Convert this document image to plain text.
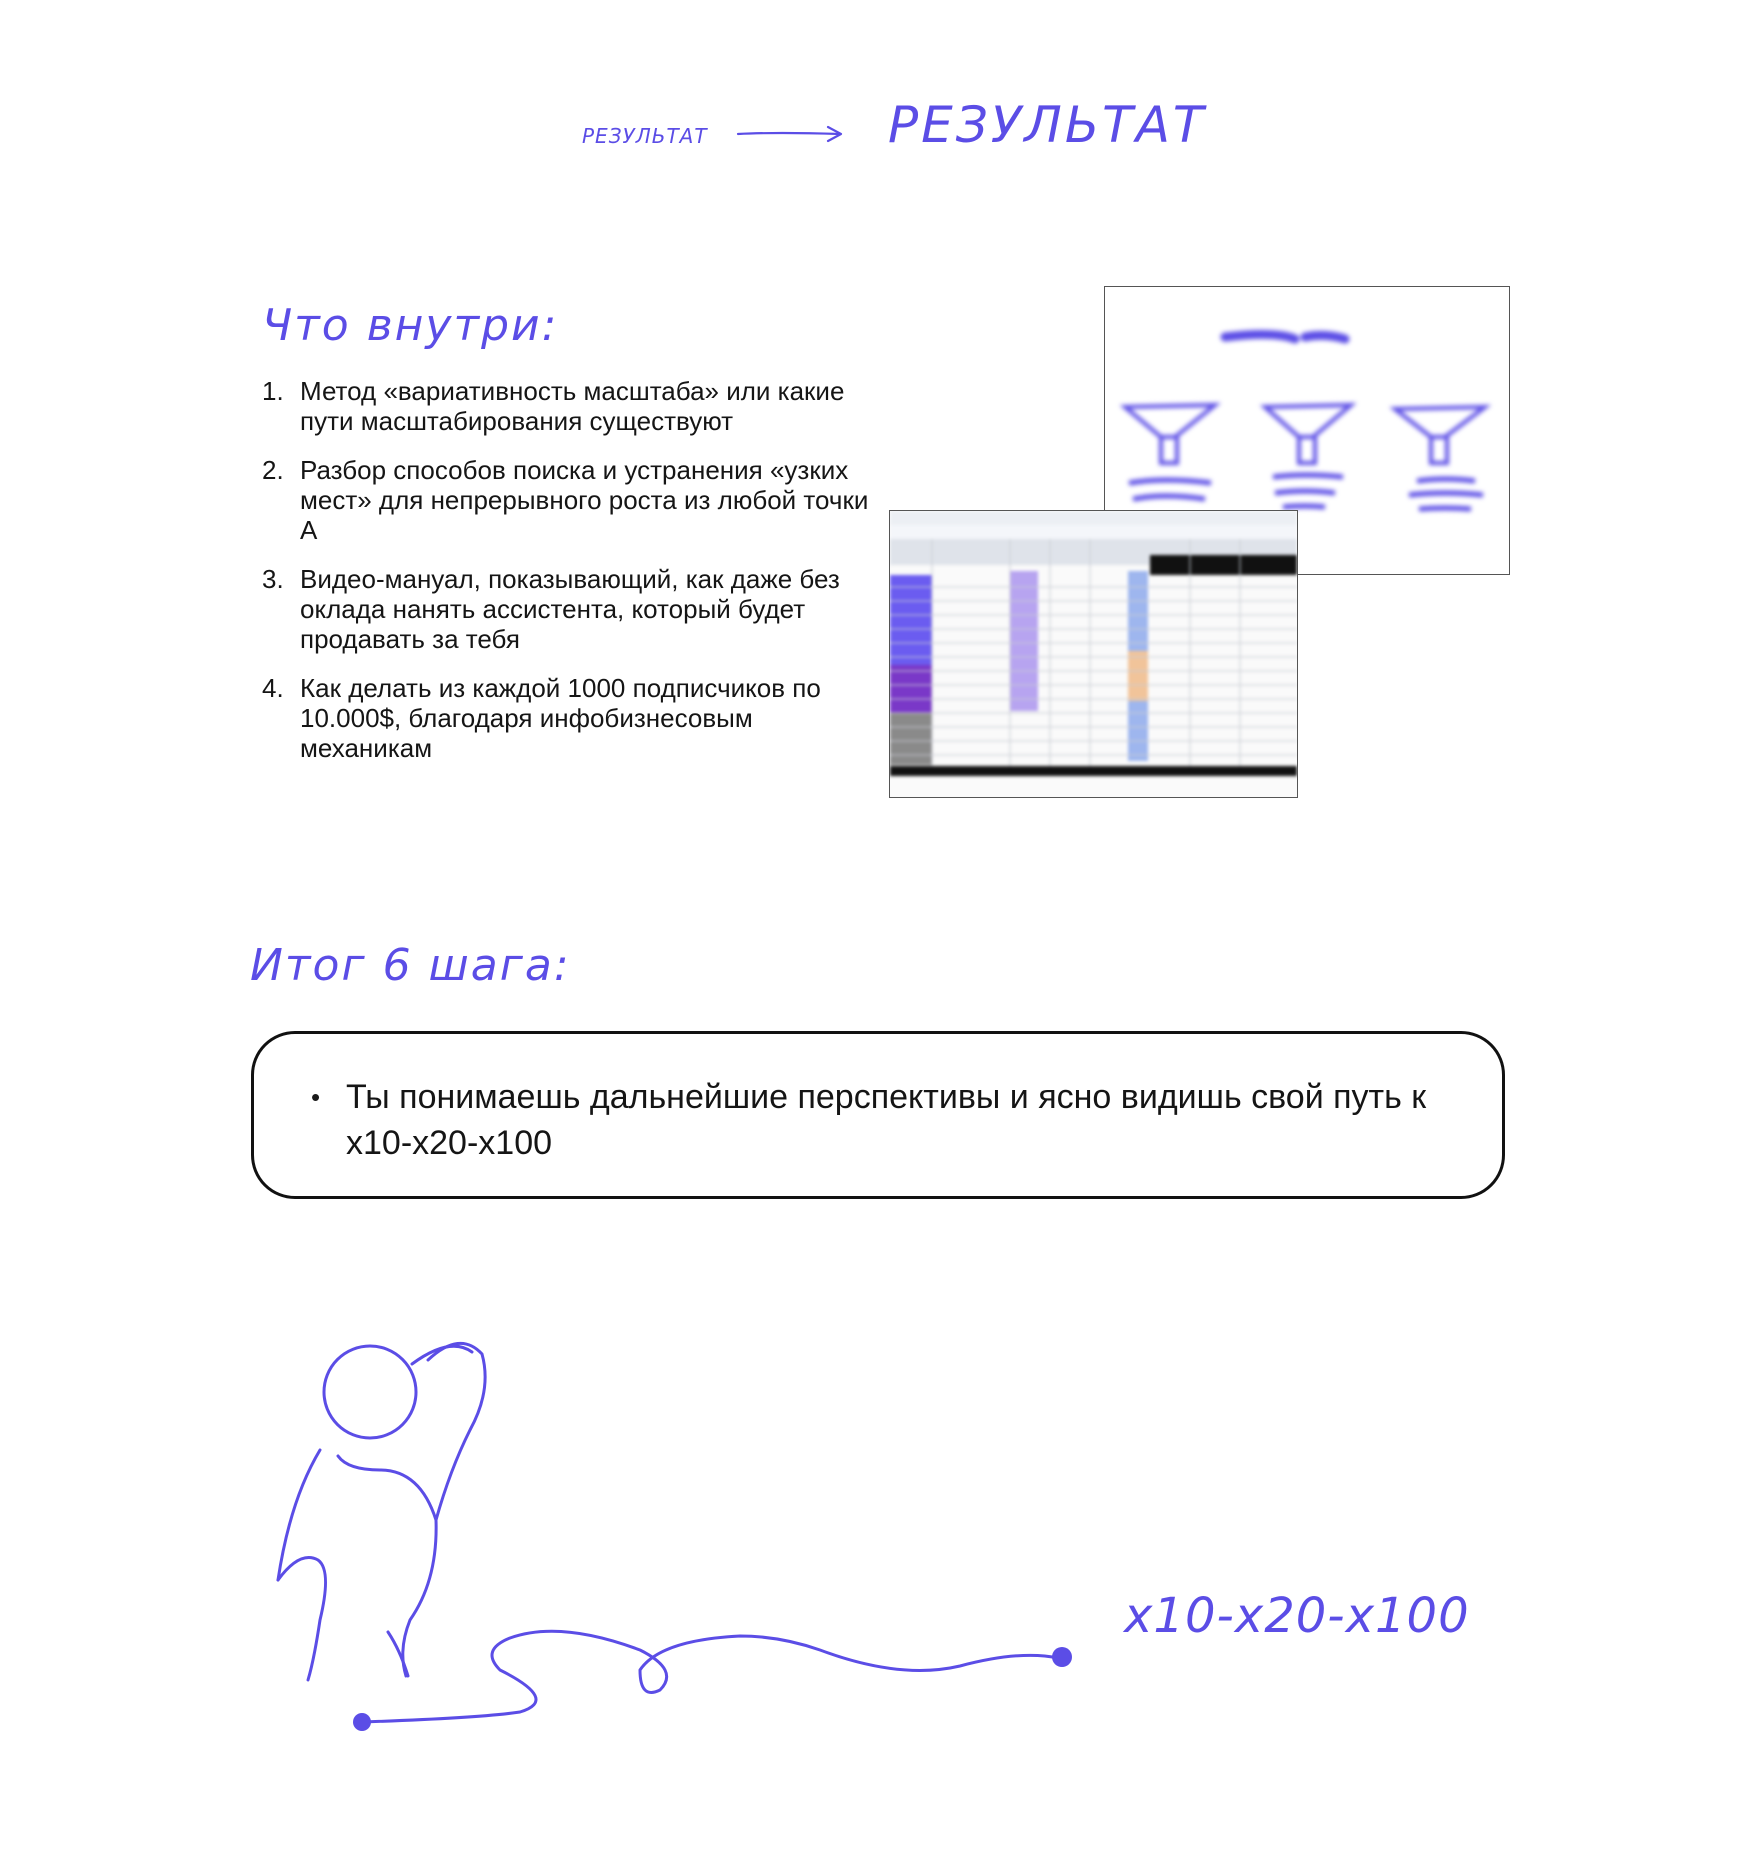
РЕЗУЛЬТАТ	РЕЗУЛЬТАТ
Что внутри:
1. Метод «вариативность масштаба» или какие пути масштабирования существуют
2. Разбор способов поиска и устранения «узких мест» для непрерывного роста из любой точки А
3. Видео-мануал, показывающий, как даже без оклада нанять ассистента, который будет продавать за тебя
4. Как делать из каждой 1000 подписчиков по 10.000$, благодаря инфобизнесовым механикам
Итог 6 шага:
• Ты понимаешь дальнейшие перспективы и ясно видишь свой путь к x10-x20-x100
x10-x20-x100
